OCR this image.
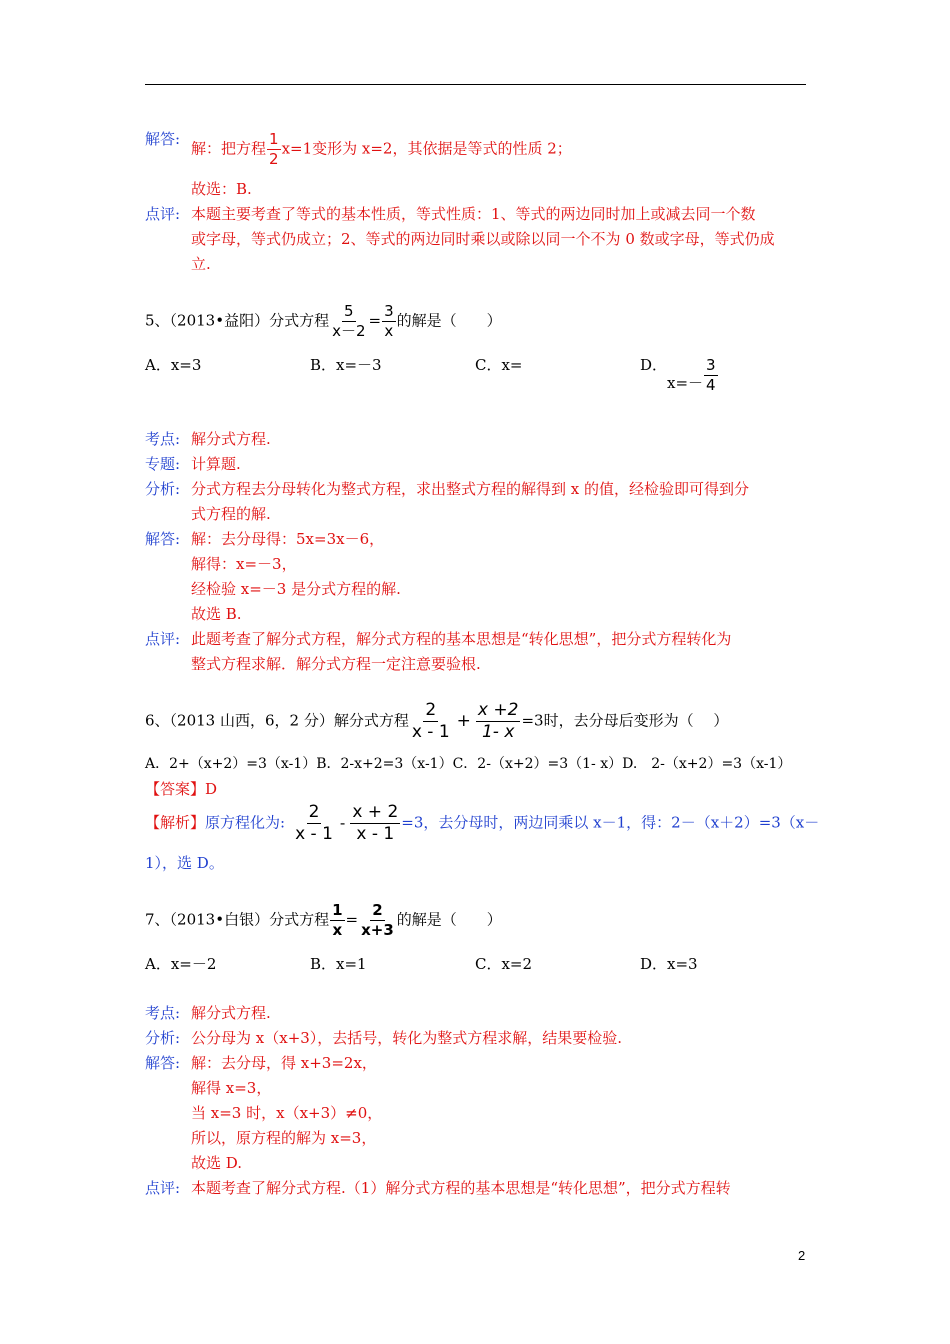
解答:
解：把方程 $\frac{1}{2} x=1$变形为 x=2，其依据是等式的性质 2；
故选：B.
点评: 本题主要考查了等式的基本性质，等式性质：1、等式的两边同时加上或减去同一个数
或字母，等式仍成立；2、等式的两边同时乘以或除以同一个不为 0 数或字母，等式仍成
立.
5、（2013•益阳）分式方程 $\frac{5}{x-2} = \frac{3}{x}$ 的解是（　　）
A．x=3	B．x=－3	C．x=	D．
$x=- \frac{3}{4}$
考点: 解分式方程.
专题: 计算题.
分析: 分式方程去分母转化为整式方程，求出整式方程的解得到 x 的值，经检验即可得到分
式方程的解.
解答: 解：去分母得：5x=3x－6，
解得：x=－3，
经检验 x=－3 是分式方程的解.
故选 B.
点评: 此题考查了解分式方程，解分式方程的基本思想是“转化思想”，把分式方程转化为
整式方程求解．解分式方程一定注意要验根.
6、（2013 山西，6，2 分）解分式方程 $\frac{2}{x - 1} + \frac{x +2}{1- x} =3$时，去分母后变形为（　 ）
A．2+（x+2）=3（x-1）B．2-x+2=3（x-1）C．2-（x+2）=3（1- x）D.　2-（x+2）=3（x-1）
【答案】D
【解析】原方程化为: $\frac{2}{x - 1} - \frac{x + 2}{x - 1} =3$，去分母时，两边同乘以 x－1，得：2－（x＋2）=3（x－
1），选 D。
7、（2013•白银）分式方程 $\frac{1}{x} = \frac{2}{x+3}$ 的解是（　　）
A．x=－2	B．x=1	C．x=2	D．x=3
考点: 解分式方程.
分析: 公分母为 x（x+3），去括号，转化为整式方程求解，结果要检验.
解答: 解：去分母，得 x+3=2x，
解得 x=3，
当 x=3 时，x（x+3）≠0，
所以，原方程的解为 x=3，
故选 D.
点评: 本题考查了解分式方程.（1）解分式方程的基本思想是“转化思想”，把分式方程转
2
